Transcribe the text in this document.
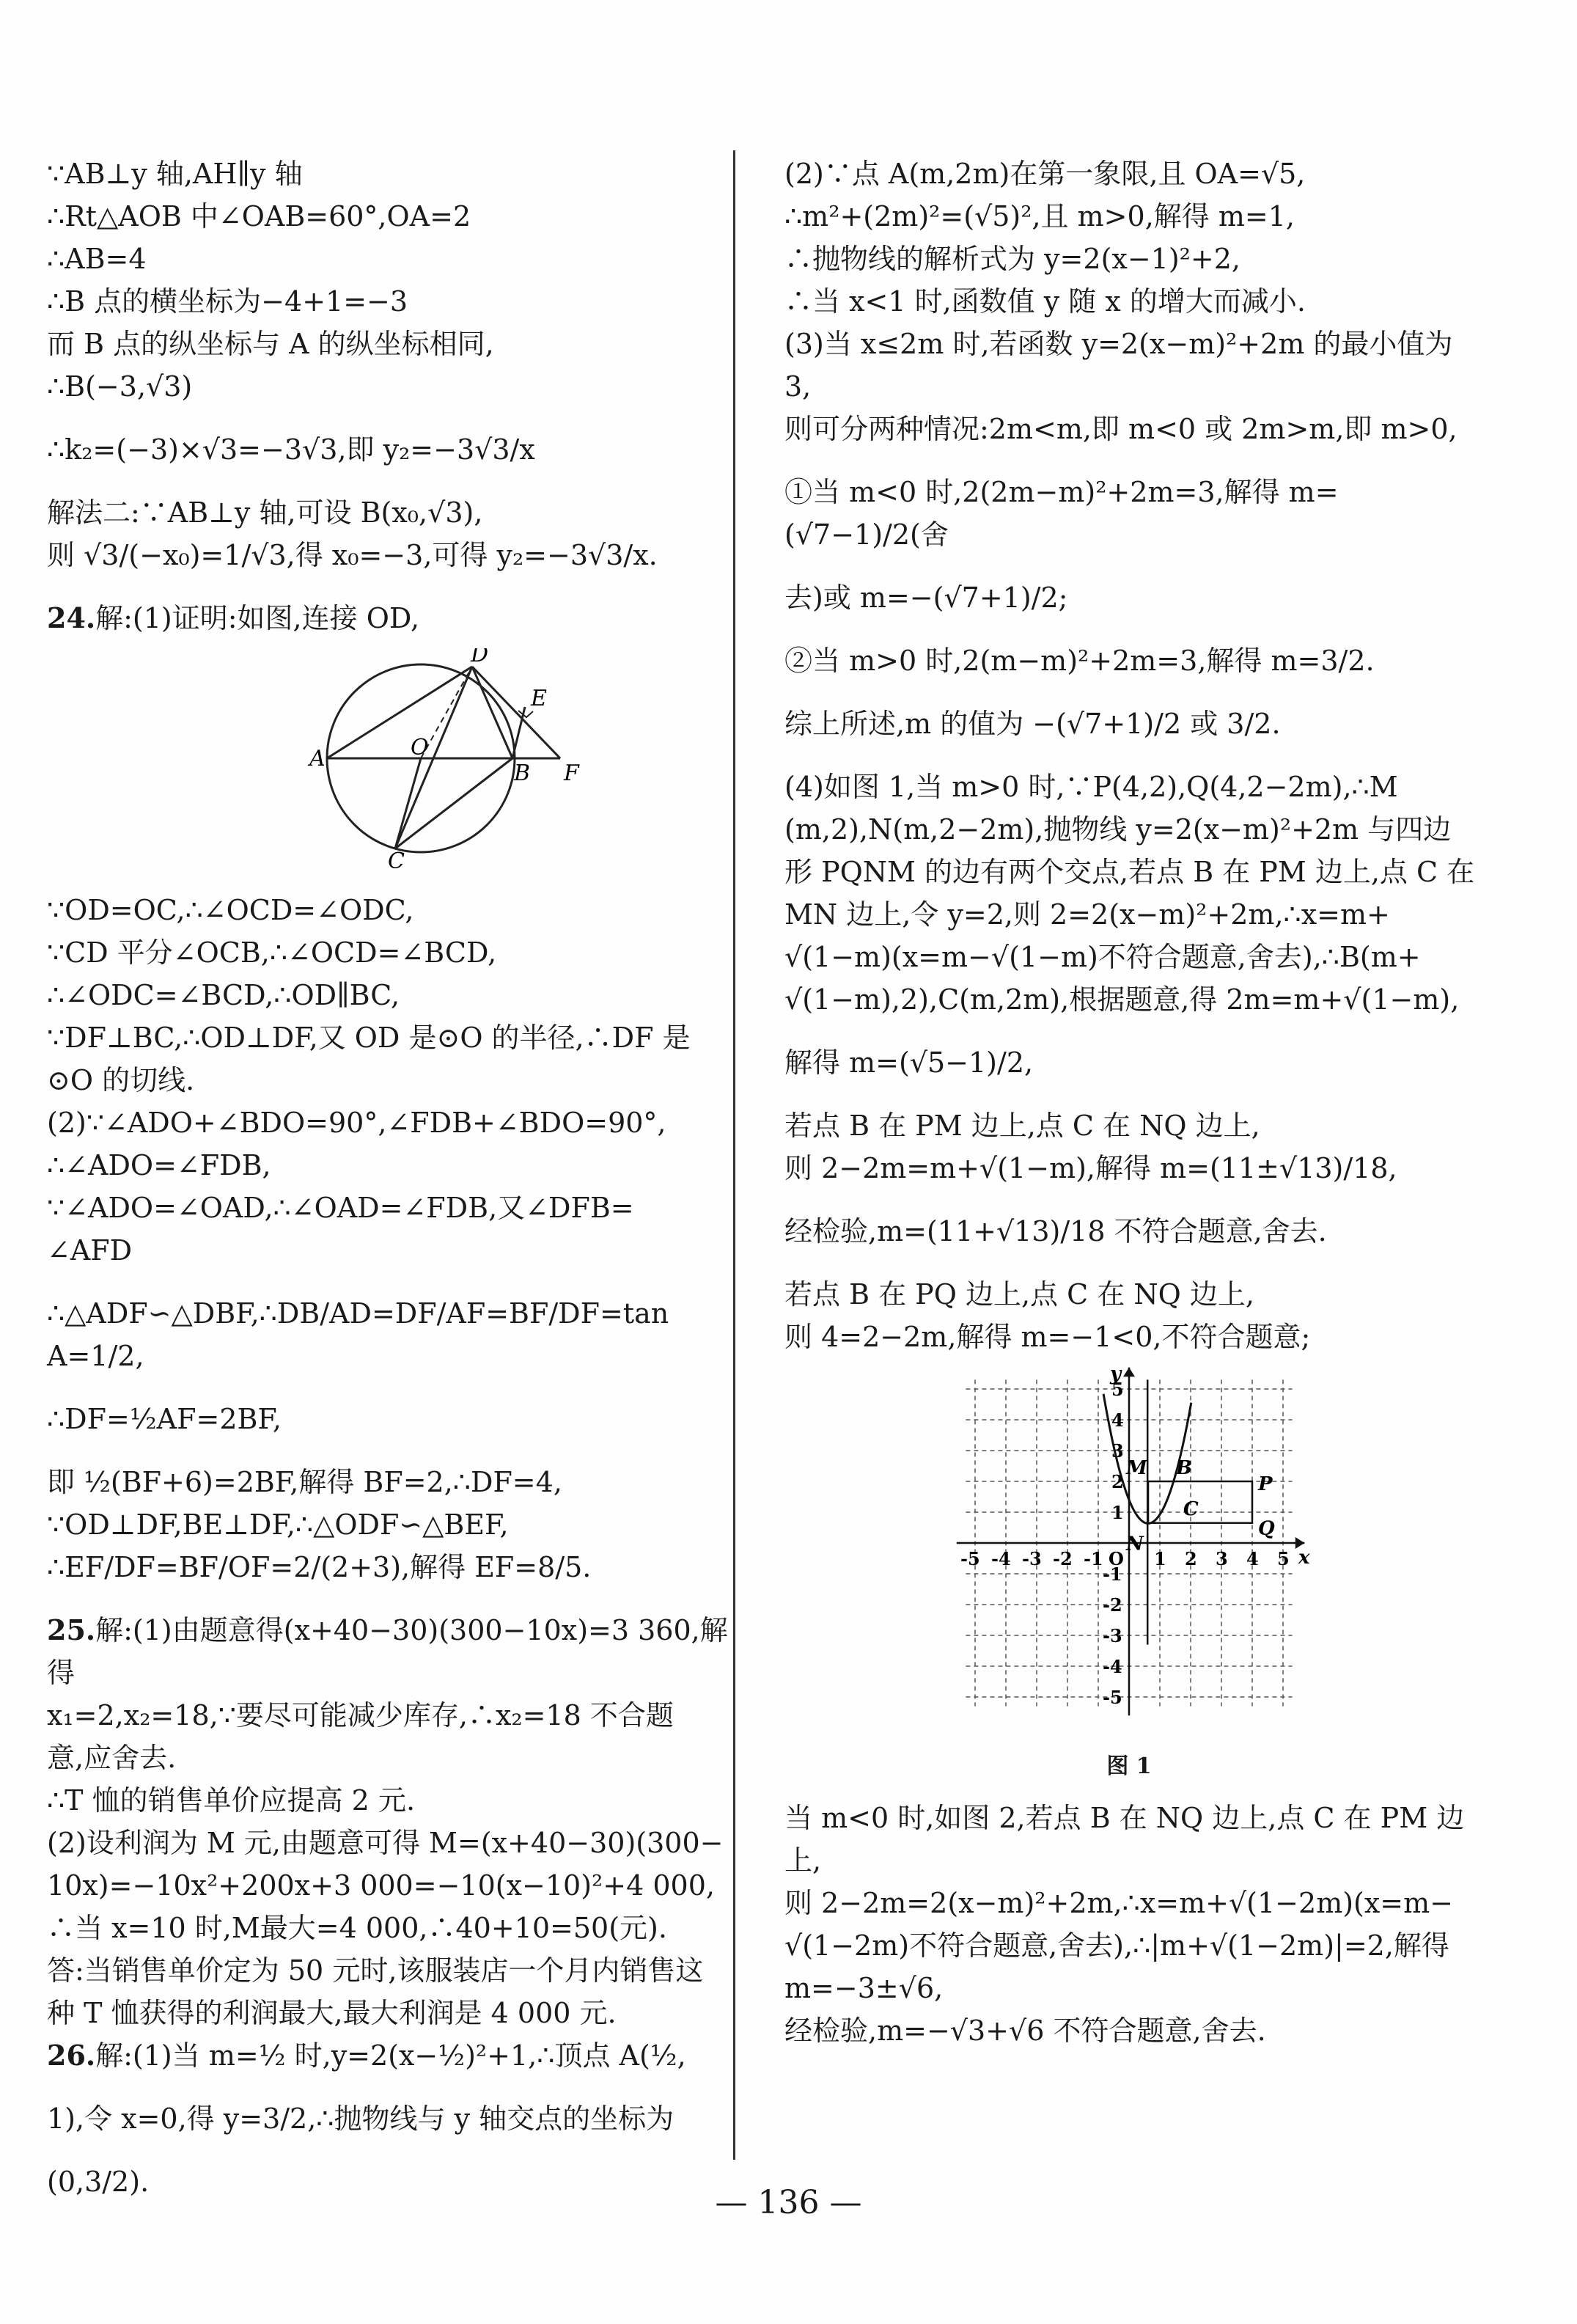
∵AB⊥y 轴,AH∥y 轴
∴Rt△AOB 中∠OAB=60°,OA=2
∴AB=4
∴B 点的横坐标为−4+1=−3
而 B 点的纵坐标与 A 的纵坐标相同,
∴B(−3,√3)
∴k₂=(−3)×√3=−3√3,即 y₂=−3√3/x
解法二:∵AB⊥y 轴,可设 B(x₀,√3),
则 √3/(−x₀)=1/√3,得 x₀=−3,可得 y₂=−3√3/x.
24.解:(1)证明:如图,连接 OD,
A	O
D
E
B F
C
∵OD=OC,∴∠OCD=∠ODC,
∵CD 平分∠OCB,∴∠OCD=∠BCD,
∴∠ODC=∠BCD,∴OD∥BC,
∵DF⊥BC,∴OD⊥DF,又 OD 是⊙O 的半径,∴DF 是
⊙O 的切线.
(2)∵∠ADO+∠BDO=90°,∠FDB+∠BDO=90°,
∴∠ADO=∠FDB,
∵∠ADO=∠OAD,∴∠OAD=∠FDB,又∠DFB=
∠AFD
∴△ADF∽△DBF,∴DB/AD=DF/AF=BF/DF=tan A=1/2,
∴DF=½AF=2BF,
即 ½(BF+6)=2BF,解得 BF=2,∴DF=4,
∵OD⊥DF,BE⊥DF,∴△ODF∽△BEF,
∴EF/DF=BF/OF=2/(2+3),解得 EF=8/5.
25.解:(1)由题意得(x+40−30)(300−10x)=3 360,解得
x₁=2,x₂=18,∵要尽可能减少库存,∴x₂=18 不合题
意,应舍去.
∴T 恤的销售单价应提高 2 元.
(2)设利润为 M 元,由题意可得 M=(x+40−30)(300−
10x)=−10x²+200x+3 000=−10(x−10)²+4 000,
∴当 x=10 时,M最大=4 000,∴40+10=50(元).
答:当销售单价定为 50 元时,该服装店一个月内销售这
种 T 恤获得的利润最大,最大利润是 4 000 元.
26.解:(1)当 m=½ 时,y=2(x−½)²+1,∴顶点 A(½,
1),令 x=0,得 y=3/2,∴抛物线与 y 轴交点的坐标为
(0,3/2).
(2)∵点 A(m,2m)在第一象限,且 OA=√5,
∴m²+(2m)²=(√5)²,且 m>0,解得 m=1,
∴抛物线的解析式为 y=2(x−1)²+2,
∴当 x<1 时,函数值 y 随 x 的增大而减小.
(3)当 x≤2m 时,若函数 y=2(x−m)²+2m 的最小值为
3,
则可分两种情况:2m<m,即 m<0 或 2m>m,即 m>0,
①当 m<0 时,2(2m−m)²+2m=3,解得 m=(√7−1)/2(舍
去)或 m=−(√7+1)/2;
②当 m>0 时,2(m−m)²+2m=3,解得 m=3/2.
综上所述,m 的值为 −(√7+1)/2 或 3/2.
(4)如图 1,当 m>0 时,∵P(4,2),Q(4,2−2m),∴M
(m,2),N(m,2−2m),抛物线 y=2(x−m)²+2m 与四边
形 PQNM 的边有两个交点,若点 B 在 PM 边上,点 C 在
MN 边上,令 y=2,则 2=2(x−m)²+2m,∴x=m+
√(1−m)(x=m−√(1−m)不符合题意,舍去),∴B(m+
√(1−m),2),C(m,2m),根据题意,得 2m=m+√(1−m),
解得 m=(√5−1)/2,
若点 B 在 PM 边上,点 C 在 NQ 边上,
则 2−2m=m+√(1−m),解得 m=(11±√13)/18,
经检验,m=(11+√13)/18 不符合题意,舍去.
若点 B 在 PQ 边上,点 C 在 NQ 边上,
则 4=2−2m,解得 m=−1<0,不符合题意;
-5 -4 -3 -2 -1 O 1 2 3 4 5
5
4
3
2
1
-1
-2
-3
-4
-5
x
y
M B
P
C
N
Q
图 1
当 m<0 时,如图 2,若点 B 在 NQ 边上,点 C 在 PM 边
上,
则 2−2m=2(x−m)²+2m,∴x=m+√(1−2m)(x=m−
√(1−2m)不符合题意,舍去),∴|m+√(1−2m)|=2,解得
m=−3±√6,
经检验,m=−√3+√6 不符合题意,舍去.
— 136 —
